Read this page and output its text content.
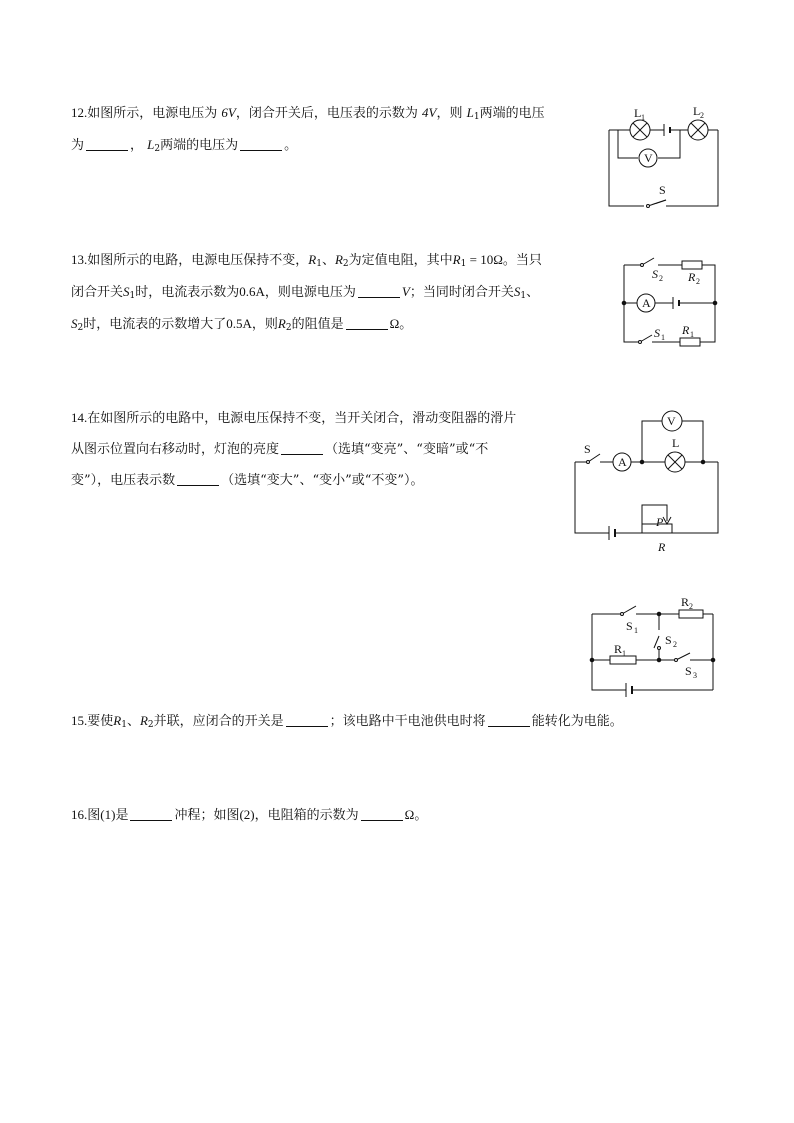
12.如图所示，电源电压为 6V，闭合开关后，电压表的示数为 4V，则 $L_1$两端的电压
为	， $L_2$两端的电压为	。
V
L 1	L 2
S
13.如图所示的电路，电源电压保持不变，$R_1$、$R_2$为定值电阻，其中$R_1 = 10\Omega$。当只
闭合开关$S_1$时，电流表示数为0.6A，则电源电压为	V；当同时闭合开关$S_1$、
$S_2$时，电流表的示数增大了0.5A，则$R_2$的阻值是	Ω。
S 2 R 2
A
S 1
R 1
14.在如图所示的电路中，电源电压保持不变，当开关闭合，滑动变阻器的滑片
从图示位置向右移动时，灯泡的亮度	（选填“变亮”、“变暗”或“不
变”），电压表示数	（选填“变大”、“变小”或“不变”）。
P
R
S
A
L
V
S 1
R 2
S 2
R 1
S 3
15.要使$R_1$、$R_2$并联，应闭合的开关是	；该电路中干电池供电时将	能转化为电能。
16.图(1)是	冲程；如图(2)，电阻箱的示数为	Ω。
